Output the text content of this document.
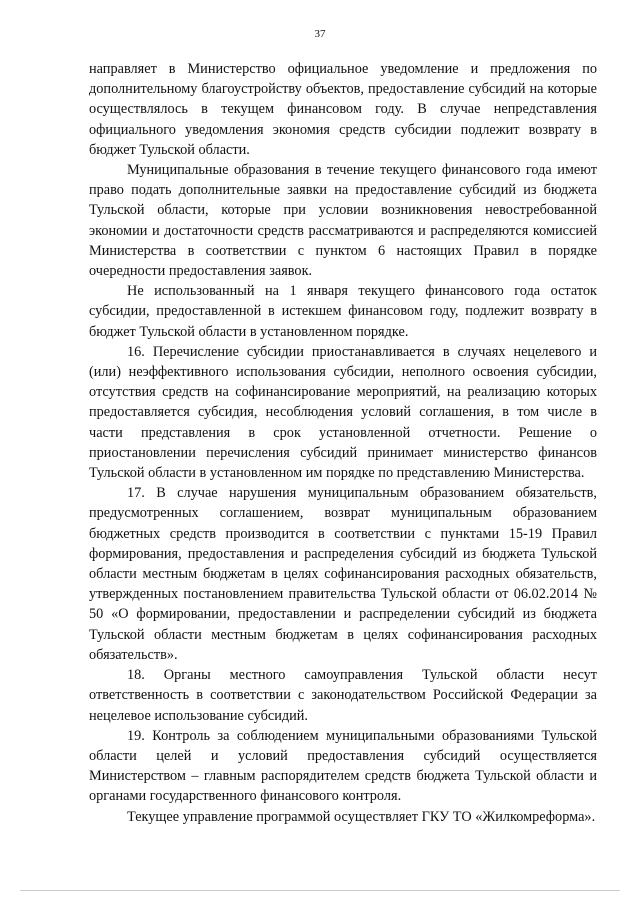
37

направляет в Министерство официальное уведомление и предложения по дополнительному благоустройству объектов, предоставление субсидий на которые осуществлялось в текущем финансовом году. В случае непредставления официального уведомления экономия средств субсидии подлежит возврату в бюджет Тульской области.

Муниципальные образования в течение текущего финансового года имеют право подать дополнительные заявки на предоставление субсидий из бюджета Тульской области, которые при условии возникновения невостребованной экономии и достаточности средств рассматриваются и распределяются комиссией Министерства в соответствии с пунктом 6 настоящих Правил в порядке очередности предоставления заявок.

Не использованный на 1 января текущего финансового года остаток субсидии, предоставленной в истекшем финансовом году, подлежит возврату в бюджет Тульской области в установленном порядке.

16. Перечисление субсидии приостанавливается в случаях нецелевого и (или) неэффективного использования субсидии, неполного освоения субсидии, отсутствия средств на софинансирование мероприятий, на реализацию которых предоставляется субсидия, несоблюдения условий соглашения, в том числе в части представления в срок установленной отчетности. Решение о приостановлении перечисления субсидий принимает министерство финансов Тульской области в установленном им порядке по представлению Министерства.

17. В случае нарушения муниципальным образованием обязательств, предусмотренных соглашением, возврат муниципальным образованием бюджетных средств производится в соответствии с пунктами 15-19 Правил формирования, предоставления и распределения субсидий из бюджета Тульской области местным бюджетам в целях софинансирования расходных обязательств, утвержденных постановлением правительства Тульской области от 06.02.2014 № 50 «О формировании, предоставлении и распределении субсидий из бюджета Тульской области местным бюджетам в целях софинансирования расходных обязательств».

18. Органы местного самоуправления Тульской области несут ответственность в соответствии с законодательством Российской Федерации за нецелевое использование субсидий.

19. Контроль за соблюдением муниципальными образованиями Тульской области целей и условий предоставления субсидий осуществляется Министерством – главным распорядителем средств бюджета Тульской области и органами государственного финансового контроля.

Текущее управление программой осуществляет ГКУ ТО «Жилкомреформа».
